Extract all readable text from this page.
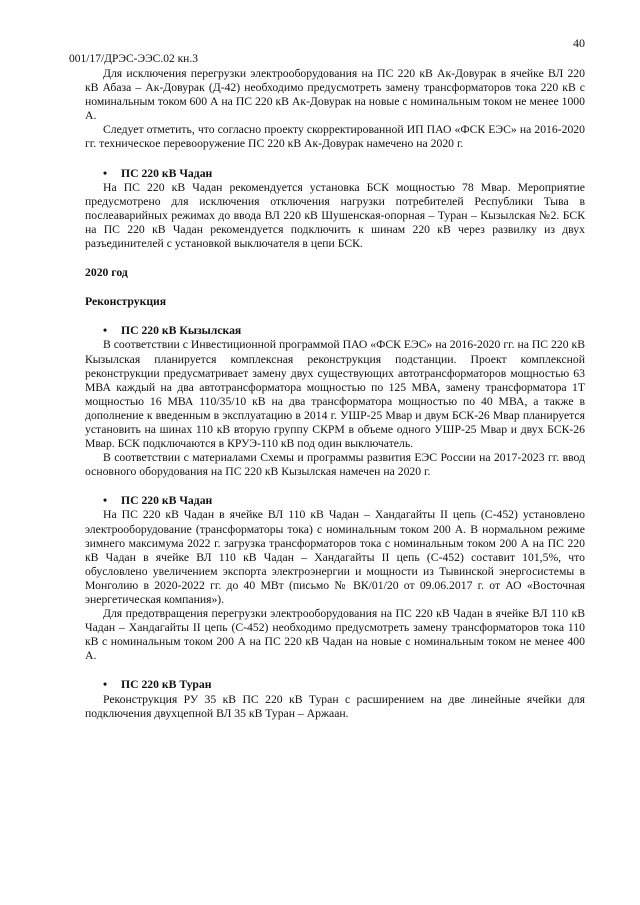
40
001/17/ДРЭС-ЭЭС.02 кн.3

Для исключения перегрузки электрооборудования на ПС 220 кВ Ак-Довурак в ячейке ВЛ 220 кВ Абаза – Ак-Довурак (Д-42) необходимо предусмотреть замену трансформаторов тока 220 кВ с номинальным током 600 А на ПС 220 кВ Ак-Довурак на новые с номинальным током не менее 1000 А.

Следует отметить, что согласно проекту скорректированной ИП ПАО «ФСК ЕЭС» на 2016-2020 гг. техническое перевооружение ПС 220 кВ Ак-Довурак намечено на 2020 г.

• ПС 220 кВ Чадан

На ПС 220 кВ Чадан рекомендуется установка БСК мощностью 78 Мвар. Мероприятие предусмотрено для исключения отключения нагрузки потребителей Республики Тыва в послеаварийных режимах до ввода ВЛ 220 кВ Шушенская-опорная – Туран – Кызылская №2. БСК на ПС 220 кВ Чадан рекомендуется подключить к шинам 220 кВ через развилку из двух разъединителей с установкой выключателя в цепи БСК.

2020 год
Реконструкция
• ПС 220 кВ Кызылская

В соответствии с Инвестиционной программой ПАО «ФСК ЕЭС» на 2016-2020 гг. на ПС 220 кВ Кызылская планируется комплексная реконструкция подстанции. Проект комплексной реконструкции предусматривает замену двух существующих автотрансформаторов мощностью 63 МВА каждый на два автотрансформатора мощностью по 125 МВА, замену трансформатора 1Т мощностью 16 МВА 110/35/10 кВ на два трансформатора мощностью по 40 МВА, а также в дополнение к введенным в эксплуатацию в 2014 г. УШР-25 Мвар и двум БСК-26 Мвар планируется установить на шинах 110 кВ вторую группу СКРМ в объеме одного УШР-25 Мвар и двух БСК-26 Мвар. БСК подключаются в КРУЭ-110 кВ под один выключатель.

В соответствии с материалами Схемы и программы развития ЕЭС России на 2017-2023 гг. ввод основного оборудования на ПС 220 кВ Кызылская намечен на 2020 г.

• ПС 220 кВ Чадан

На ПС 220 кВ Чадан в ячейке ВЛ 110 кВ Чадан – Хандагайты II цепь (С-452) установлено электрооборудование (трансформаторы тока) с номинальным током 200 А. В нормальном режиме зимнего максимума 2022 г. загрузка трансформаторов тока с номинальным током 200 А на ПС 220 кВ Чадан в ячейке ВЛ 110 кВ Чадан – Хандагайты II цепь (С-452) составит 101,5%, что обусловлено увеличением экспорта электроэнергии и мощности из Тывинской энергосистемы в Монголию в 2020-2022 гг. до 40 МВт (письмо № ВК/01/20 от 09.06.2017 г. от АО «Восточная энергетическая компания»).

Для предотвращения перегрузки электрооборудования на ПС 220 кВ Чадан в ячейке ВЛ 110 кВ Чадан – Хандагайты II цепь (С-452) необходимо предусмотреть замену трансформаторов тока 110 кВ с номинальным током 200 А на ПС 220 кВ Чадан на новые с номинальным током не менее 400 А.

• ПС 220 кВ Туран

Реконструкция РУ 35 кВ ПС 220 кВ Туран с расширением на две линейные ячейки для подключения двухцепной ВЛ 35 кВ Туран – Аржаан.
